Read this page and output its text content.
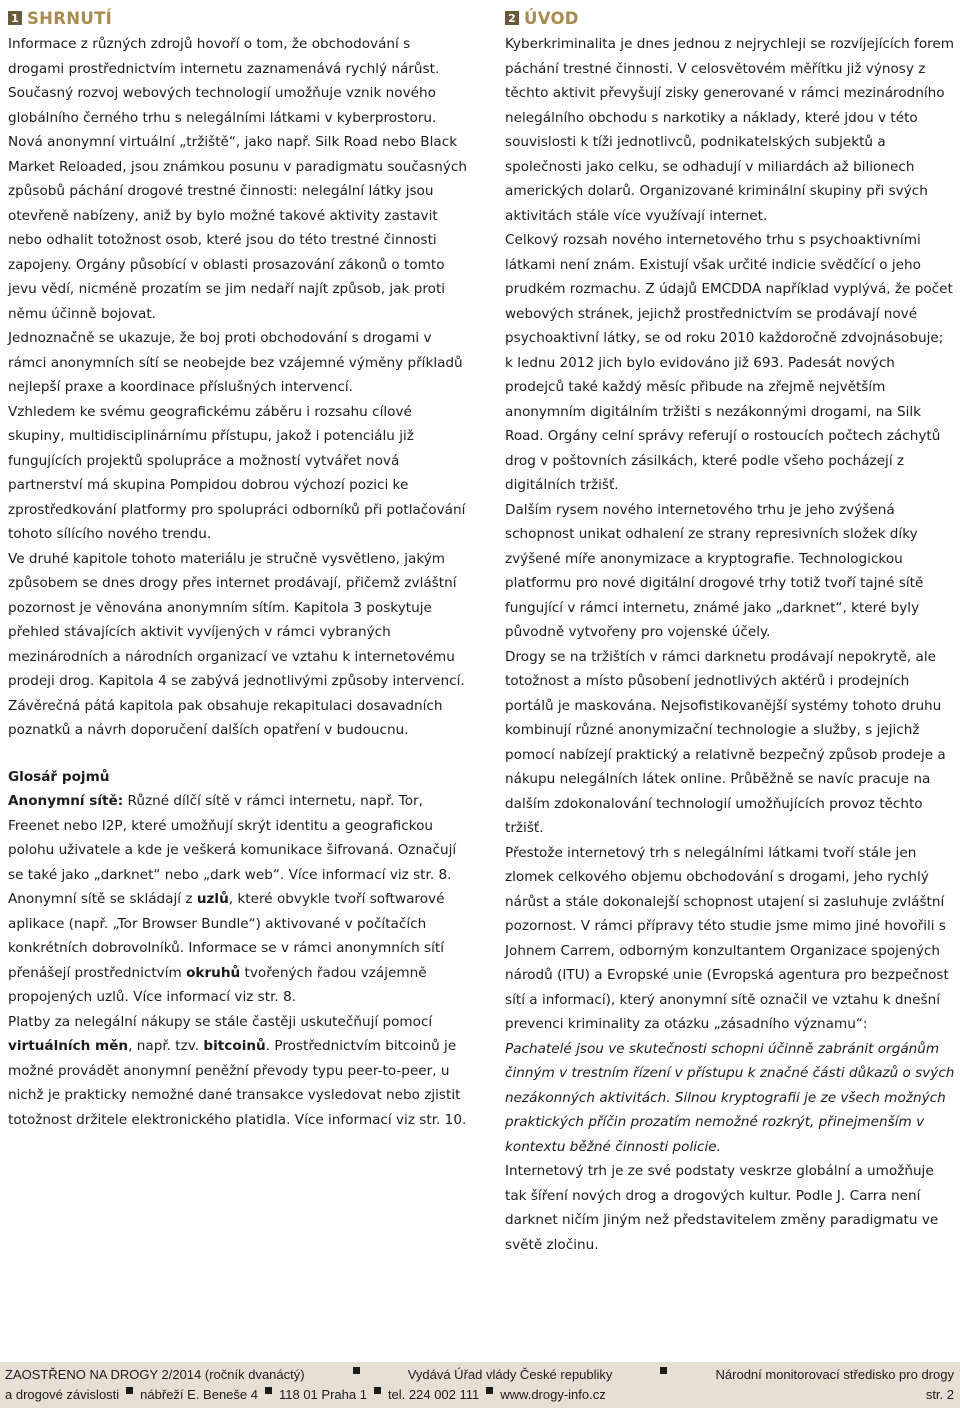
1 SHRNUTÍ

Informace z různých zdrojů hovoří o tom, že obchodování s drogami prostřednictvím internetu zaznamenává rychlý nárůst. Současný rozvoj webových technologií umožňuje vznik nového globálního černého trhu s nelegálními látkami v kyberprostoru. Nová anonymní virtuální „tržiště“, jako např. Silk Road nebo Black Market Reloaded, jsou známkou posunu v paradigmatu současných způsobů páchání drogové trestné činnosti: nelegální látky jsou otevřeně nabízeny, aniž by bylo možné takové aktivity zastavit nebo odhalit totožnost osob, které jsou do této trestné činnosti zapojeny. Orgány působící v oblasti prosazování zákonů o tomto jevu vědí, nicméně prozatím se jim nedaří najít způsob, jak proti němu účinně bojovat.

Jednoznačně se ukazuje, že boj proti obchodování s drogami v rámci anonymních sítí se neobejde bez vzájemné výměny příkladů nejlepší praxe a koordinace příslušných intervencí.

Vzhledem ke svému geografickému záběru i rozsahu cílové skupiny, multidisciplinárnímu přístupu, jakož i potenciálu již fungujících projektů spolupráce a možností vytvářet nová partnerství má skupina Pompidou dobrou výchozí pozici ke zprostředkování platformy pro spolupráci odborníků při potlačování tohoto sílícího nového trendu.

Ve druhé kapitole tohoto materiálu je stručně vysvětleno, jakým způsobem se dnes drogy přes internet prodávají, přičemž zvláštní pozornost je věnována anonymním sítím. Kapitola 3 poskytuje přehled stávajících aktivit vyvíjených v rámci vybraných mezinárodních a národních organizací ve vztahu k internetovému prodeji drog. Kapitola 4 se zabývá jednotlivými způsoby intervencí. Závěrečná pátá kapitola pak obsahuje rekapitulaci dosavadních poznatků a návrh doporučení dalších opatření v budoucnu.

Glosář pojmů

Anonymní sítě: Různé dílčí sítě v rámci internetu, např. Tor, Freenet nebo I2P, které umožňují skrýt identitu a geografickou polohu uživatele a kde je veškerá komunikace šifrovaná. Označují se také jako „darknet“ nebo „dark web“. Více informací viz str. 8.

Anonymní sítě se skládají z uzlů, které obvykle tvoří softwarové aplikace (např. „Tor Browser Bundle“) aktivované v počítačích konkrétních dobrovolníků. Informace se v rámci anonymních sítí přenášejí prostřednictvím okruhů tvořených řadou vzájemně propojených uzlů. Více informací viz str. 8.

Platby za nelegální nákupy se stále častěji uskutečňují pomocí virtuálních měn, např. tzv. bitcoinů. Prostřednictvím bitcoinů je možné provádět anonymní peněžní převody typu peer-to-peer, u nichž je prakticky nemožné dané transakce vysledovat nebo zjistit totožnost držitele elektronického platidla. Více informací viz str. 10.

2 ÚVOD

Kyberkriminalita je dnes jednou z nejrychleji se rozvíjejících forem páchání trestné činnosti. V celosvětovém měřítku již výnosy z těchto aktivit převyšují zisky generované v rámci mezinárodního nelegálního obchodu s narkotiky a náklady, které jdou v této souvislosti k tíži jednotlivců, podnikatelských subjektů a společnosti jako celku, se odhadují v miliardách až bilionech amerických dolarů. Organizované kriminální skupiny při svých aktivitách stále více využívají internet.

Celkový rozsah nového internetového trhu s psychoaktivními látkami není znám. Existují však určité indicie svědčící o jeho prudkém rozmachu. Z údajů EMCDDA například vyplývá, že počet webových stránek, jejichž prostřednictvím se prodávají nové psychoaktivní látky, se od roku 2010 každoročně zdvojnásobuje; k lednu 2012 jich bylo evidováno již 693. Padesát nových prodejců také každý měsíc přibude na zřejmě největším anonymním digitálním tržišti s nezákonnými drogami, na Silk Road. Orgány celní správy referují o rostoucích počtech záchytů drog v poštovních zásilkách, které podle všeho pocházejí z digitálních tržišť.

Dalším rysem nového internetového trhu je jeho zvýšená schopnost unikat odhalení ze strany represivních složek díky zvýšené míře anonymizace a kryptografie. Technologickou platformu pro nové digitální drogové trhy totiž tvoří tajné sítě fungující v rámci internetu, známé jako „darknet“, které byly původně vytvořeny pro vojenské účely.

Drogy se na tržištích v rámci darknetu prodávají nepokrytě, ale totožnost a místo působení jednotlivých aktérů i prodejních portálů je maskována. Nejsofistikovanější systémy tohoto druhu kombinují různé anonymizační technologie a služby, s jejichž pomocí nabízejí praktický a relativně bezpečný způsob prodeje a nákupu nelegálních látek online. Průběžně se navíc pracuje na dalším zdokonalování technologií umožňujících provoz těchto tržišť.

Přestože internetový trh s nelegálními látkami tvoří stále jen zlomek celkového objemu obchodování s drogami, jeho rychlý nárůst a stále dokonalejší schopnost utajení si zasluhuje zvláštní pozornost. V rámci přípravy této studie jsme mimo jiné hovořili s Johnem Carrem, odborným konzultantem Organizace spojených národů (ITU) a Evropské unie (Evropská agentura pro bezpečnost sítí a informací), který anonymní sítě označil ve vztahu k dnešní prevenci kriminality za otázku „zásadního významu“:

Pachatelé jsou ve skutečnosti schopni účinně zabránit orgánům činným v trestním řízení v přístupu k značné části důkazů o svých nezákonných aktivitách. Silnou kryptografii je ze všech možných praktických příčin prozatím nemožné rozkrýt, přinejmenším v kontextu běžné činnosti policie.

Internetový trh je ze své podstaty veskrze globální a umožňuje tak šíření nových drog a drogových kultur. Podle J. Carra není darknet ničím jiným než představitelem změny paradigmatu ve světě zločinu.

ZAOSTŘENO NA DROGY 2/2014 (ročník dvanáctý)	Vydává Úřad vlády České republiky	Národní monitorovací středisko pro drogy
a drogové závislosti nábřeží E. Beneše 4 118 01 Praha 1 tel. 224 002 111 www.drogy-info.cz	str. 2
